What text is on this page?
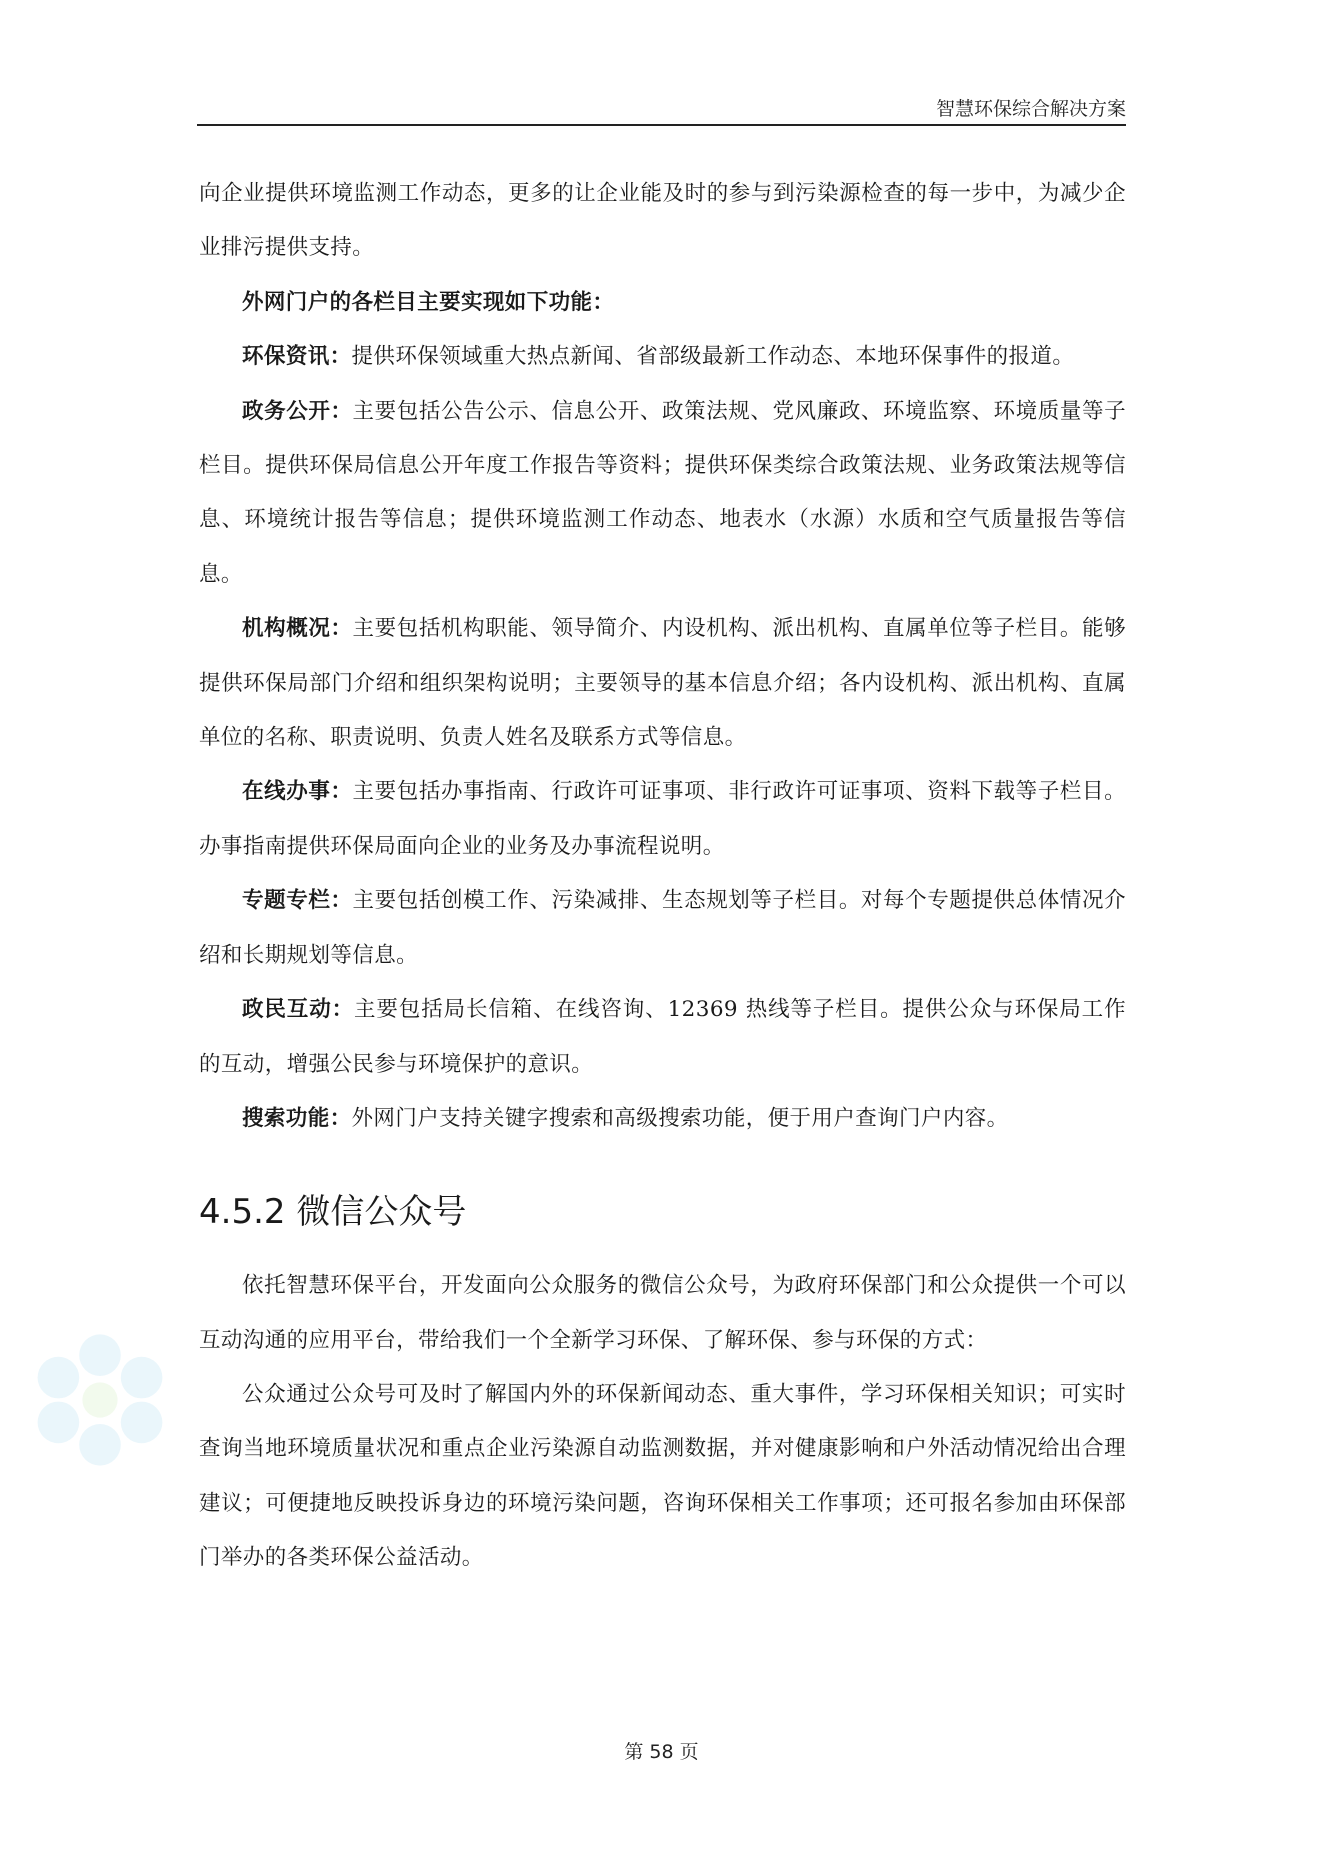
智慧环保综合解决方案

向企业提供环境监测工作动态，更多的让企业能及时的参与到污染源检查的每一步中，为减少企业排污提供支持。

外网门户的各栏目主要实现如下功能：

环保资讯：提供环保领域重大热点新闻、省部级最新工作动态、本地环保事件的报道。

政务公开：主要包括公告公示、信息公开、政策法规、党风廉政、环境监察、环境质量等子栏目。提供环保局信息公开年度工作报告等资料；提供环保类综合政策法规、业务政策法规等信息、环境统计报告等信息；提供环境监测工作动态、地表水（水源）水质和空气质量报告等信息。

机构概况：主要包括机构职能、领导简介、内设机构、派出机构、直属单位等子栏目。能够提供环保局部门介绍和组织架构说明；主要领导的基本信息介绍；各内设机构、派出机构、直属单位的名称、职责说明、负责人姓名及联系方式等信息。

在线办事：主要包括办事指南、行政许可证事项、非行政许可证事项、资料下载等子栏目。办事指南提供环保局面向企业的业务及办事流程说明。

专题专栏：主要包括创模工作、污染减排、生态规划等子栏目。对每个专题提供总体情况介绍和长期规划等信息。

政民互动：主要包括局长信箱、在线咨询、12369 热线等子栏目。提供公众与环保局工作的互动，增强公民参与环境保护的意识。

搜索功能：外网门户支持关键字搜索和高级搜索功能，便于用户查询门户内容。

4.5.2 微信公众号

依托智慧环保平台，开发面向公众服务的微信公众号，为政府环保部门和公众提供一个可以互动沟通的应用平台，带给我们一个全新学习环保、了解环保、参与环保的方式：

公众通过公众号可及时了解国内外的环保新闻动态、重大事件，学习环保相关知识；可实时查询当地环境质量状况和重点企业污染源自动监测数据，并对健康影响和户外活动情况给出合理建议；可便捷地反映投诉身边的环境污染问题，咨询环保相关工作事项；还可报名参加由环保部门举办的各类环保公益活动。

第 58 页
